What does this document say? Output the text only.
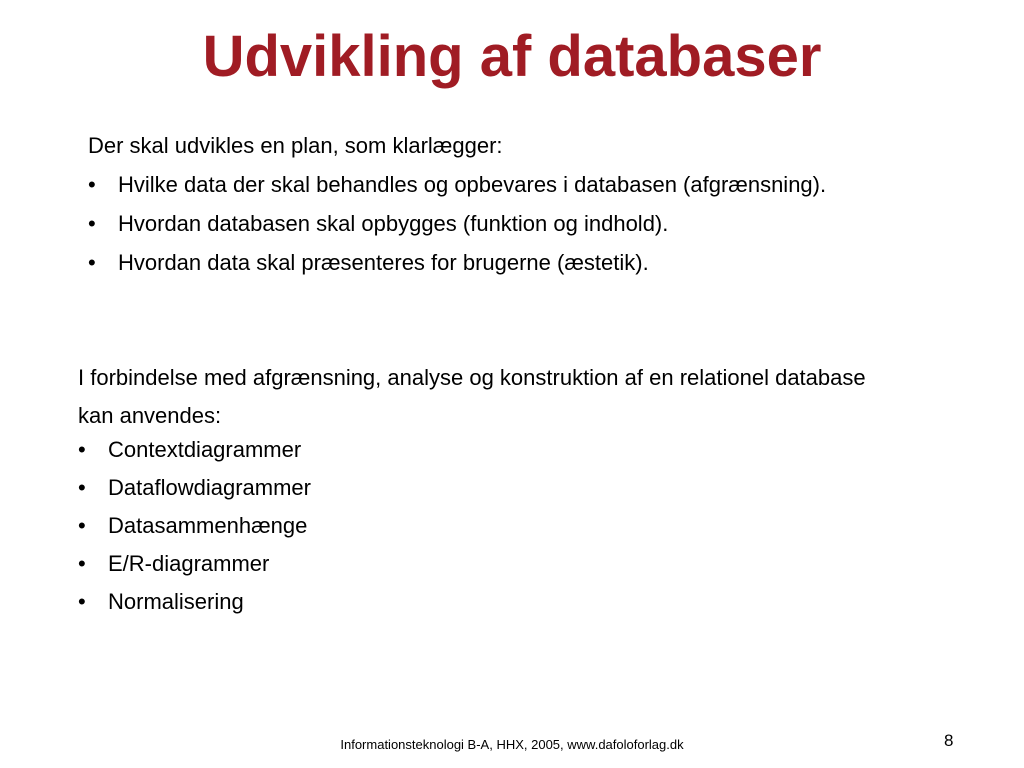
Udvikling af databaser

Der skal udvikles en plan, som klarlægger:

•	Hvilke data der skal behandles og opbevares i databasen (afgrænsning).
•	Hvordan databasen skal opbygges (funktion og indhold).
•	Hvordan data skal præsenteres for brugerne (æstetik).

I forbindelse med afgrænsning, analyse og konstruktion af en relationel database

kan anvendes:

•	Contextdiagrammer
•	Dataflowdiagrammer
•	Datasammenhænge
•	E/R-diagrammer
•	Normalisering
Informationsteknologi B-A, HHX, 2005, www.dafoloforlag.dk	8
